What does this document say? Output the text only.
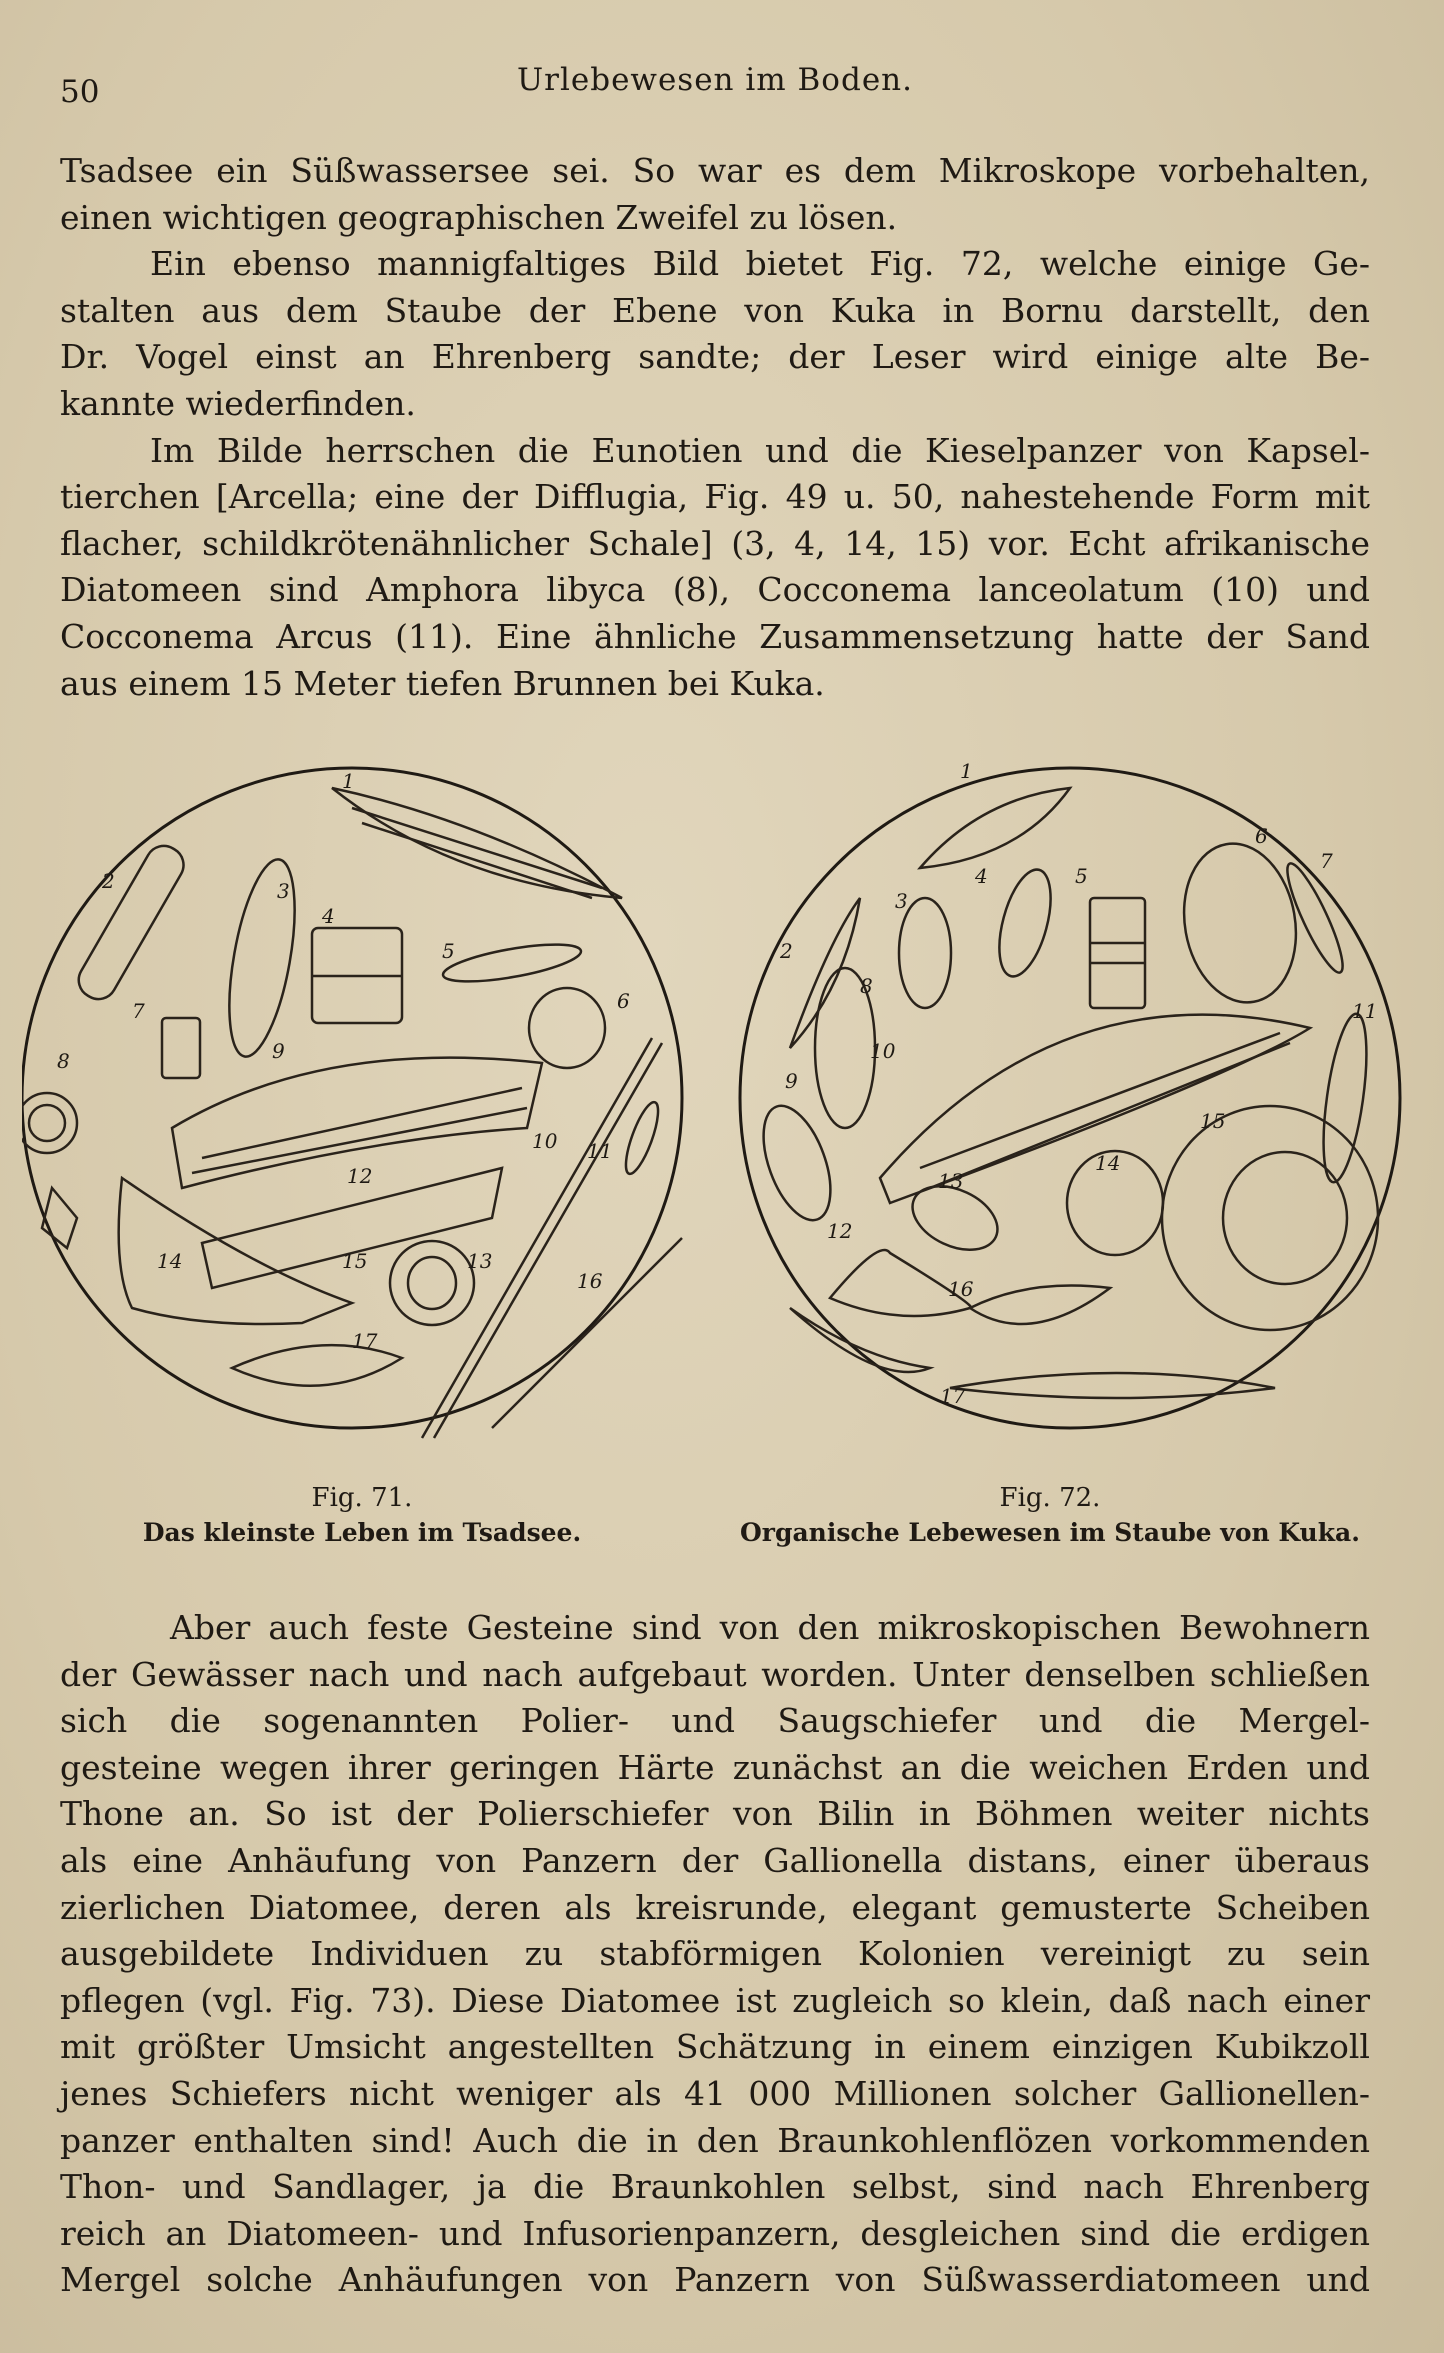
50	Urlebewesen im Boden.
Tsadsee ein Süßwassersee sei. So war es dem Mikroskope vorbehalten,
einen wichtigen geographischen Zweifel zu lösen.
Ein ebenso mannigfaltiges Bild bietet Fig. 72, welche einige Ge-
stalten aus dem Staube der Ebene von Kuka in Bornu darstellt, den
Dr. Vogel einst an Ehrenberg sandte; der Leser wird einige alte Be-
kannte wiederfinden.
Im Bilde herrschen die Eunotien und die Kieselpanzer von Kapsel-
tierchen [Arcella; eine der Difflugia, Fig. 49 u. 50, nahestehende Form mit
flacher, schildkrötenähnlicher Schale] (3, 4, 14, 15) vor. Echt afrikanische
Diatomeen sind Amphora libyca (8), Cocconema lanceolatum (10) und
Cocconema Arcus (11). Eine ähnliche Zusammensetzung hatte der Sand
aus einem 15 Meter tiefen Brunnen bei Kuka.
1
2	3
4
5
6
7
8	9
10 11
12
13
14	15
16
17
Fig. 71.
Das kleinste Leben im Tsadsee.
1
2
3
4	5
6
7
8
9
10
11
12
13
14
15
16
17
Fig. 72.
Organische Lebewesen im Staube von Kuka.
Aber auch feste Gesteine sind von den mikroskopischen Bewohnern
der Gewässer nach und nach aufgebaut worden. Unter denselben schließen
sich die sogenannten Polier- und Saugschiefer und die Mergel-
gesteine wegen ihrer geringen Härte zunächst an die weichen Erden und
Thone an. So ist der Polierschiefer von Bilin in Böhmen weiter nichts
als eine Anhäufung von Panzern der Gallionella distans, einer überaus
zierlichen Diatomee, deren als kreisrunde, elegant gemusterte Scheiben
ausgebildete Individuen zu stabförmigen Kolonien vereinigt zu sein
pflegen (vgl. Fig. 73). Diese Diatomee ist zugleich so klein, daß nach einer
mit größter Umsicht angestellten Schätzung in einem einzigen Kubikzoll
jenes Schiefers nicht weniger als 41 000 Millionen solcher Gallionellen-
panzer enthalten sind! Auch die in den Braunkohlenflözen vorkommenden
Thon- und Sandlager, ja die Braunkohlen selbst, sind nach Ehrenberg
reich an Diatomeen- und Infusorienpanzern, desgleichen sind die erdigen
Mergel solche Anhäufungen von Panzern von Süßwasserdiatomeen und
